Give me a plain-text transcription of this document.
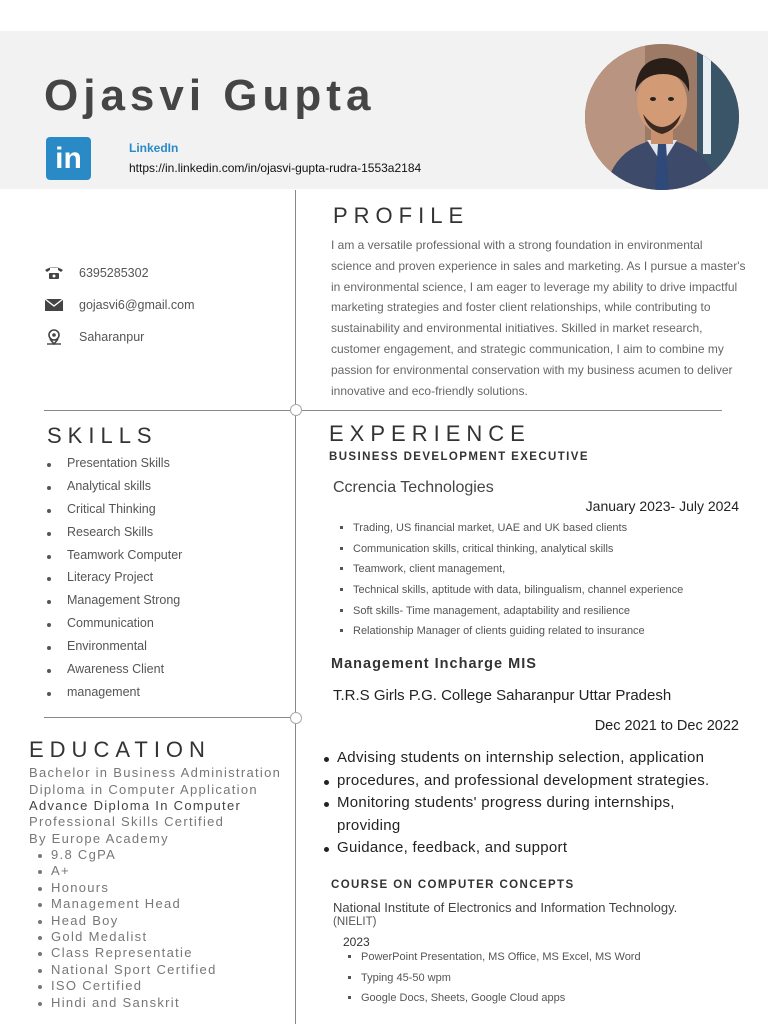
Ojasvi Gupta
in	LinkedIn
https://in.linkedin.com/in/ojasvi-gupta-rudra-1553a2184
6395285302
gojasvi6@gmail.com
Saharanpur
PROFILE

I am a versatile professional with a strong foundation in environmental science and proven experience in sales and marketing. As I pursue a master's in environmental science, I am eager to leverage my ability to drive impactful marketing strategies and foster client relationships, while contributing to sustainability and environmental initiatives. Skilled in market research, customer engagement, and strategic communication, I aim to combine my passion for environmental conservation with my business acumen to deliver innovative and eco-friendly solutions.

SKILLS
Presentation Skills
Analytical skills
Critical Thinking
Research Skills
Teamwork Computer
Literacy Project
Management Strong
Communication
Environmental
Awareness Client
management
EDUCATION
Bachelor in Business Administration
Diploma in Computer Application
Advance Diploma In Computer
Professional Skills Certified
By Europe Academy
9.8 CgPA
A+
Honours
Management Head
Head Boy
Gold Medalist
Class Representatie
National Sport Certified
ISO Certified
Hindi and Sanskrit
EXPERIENCE
BUSINESS DEVELOPMENT EXECUTIVE
Ccrencia Technologies
January 2023- July 2024
Trading, US financial market, UAE and UK based clients
Communication skills, critical thinking, analytical skills
Teamwork, client management,
Technical skills, aptitude with data, bilingualism, channel experience
Soft skills- Time management, adaptability and resilience
Relationship Manager of clients guiding related to insurance
Management Incharge MIS
T.R.S Girls P.G. College Saharanpur Uttar Pradesh
Dec 2021 to Dec 2022
Advising students on internship selection, application
procedures, and professional development strategies.
Monitoring students' progress during internships,
providing
Guidance, feedback, and support
COURSE ON COMPUTER CONCEPTS
National Institute of Electronics and Information Technology.
(NIELIT)
2023
PowerPoint Presentation, MS Office, MS Excel, MS Word
Typing 45-50 wpm
Google Docs, Sheets, Google Cloud apps
